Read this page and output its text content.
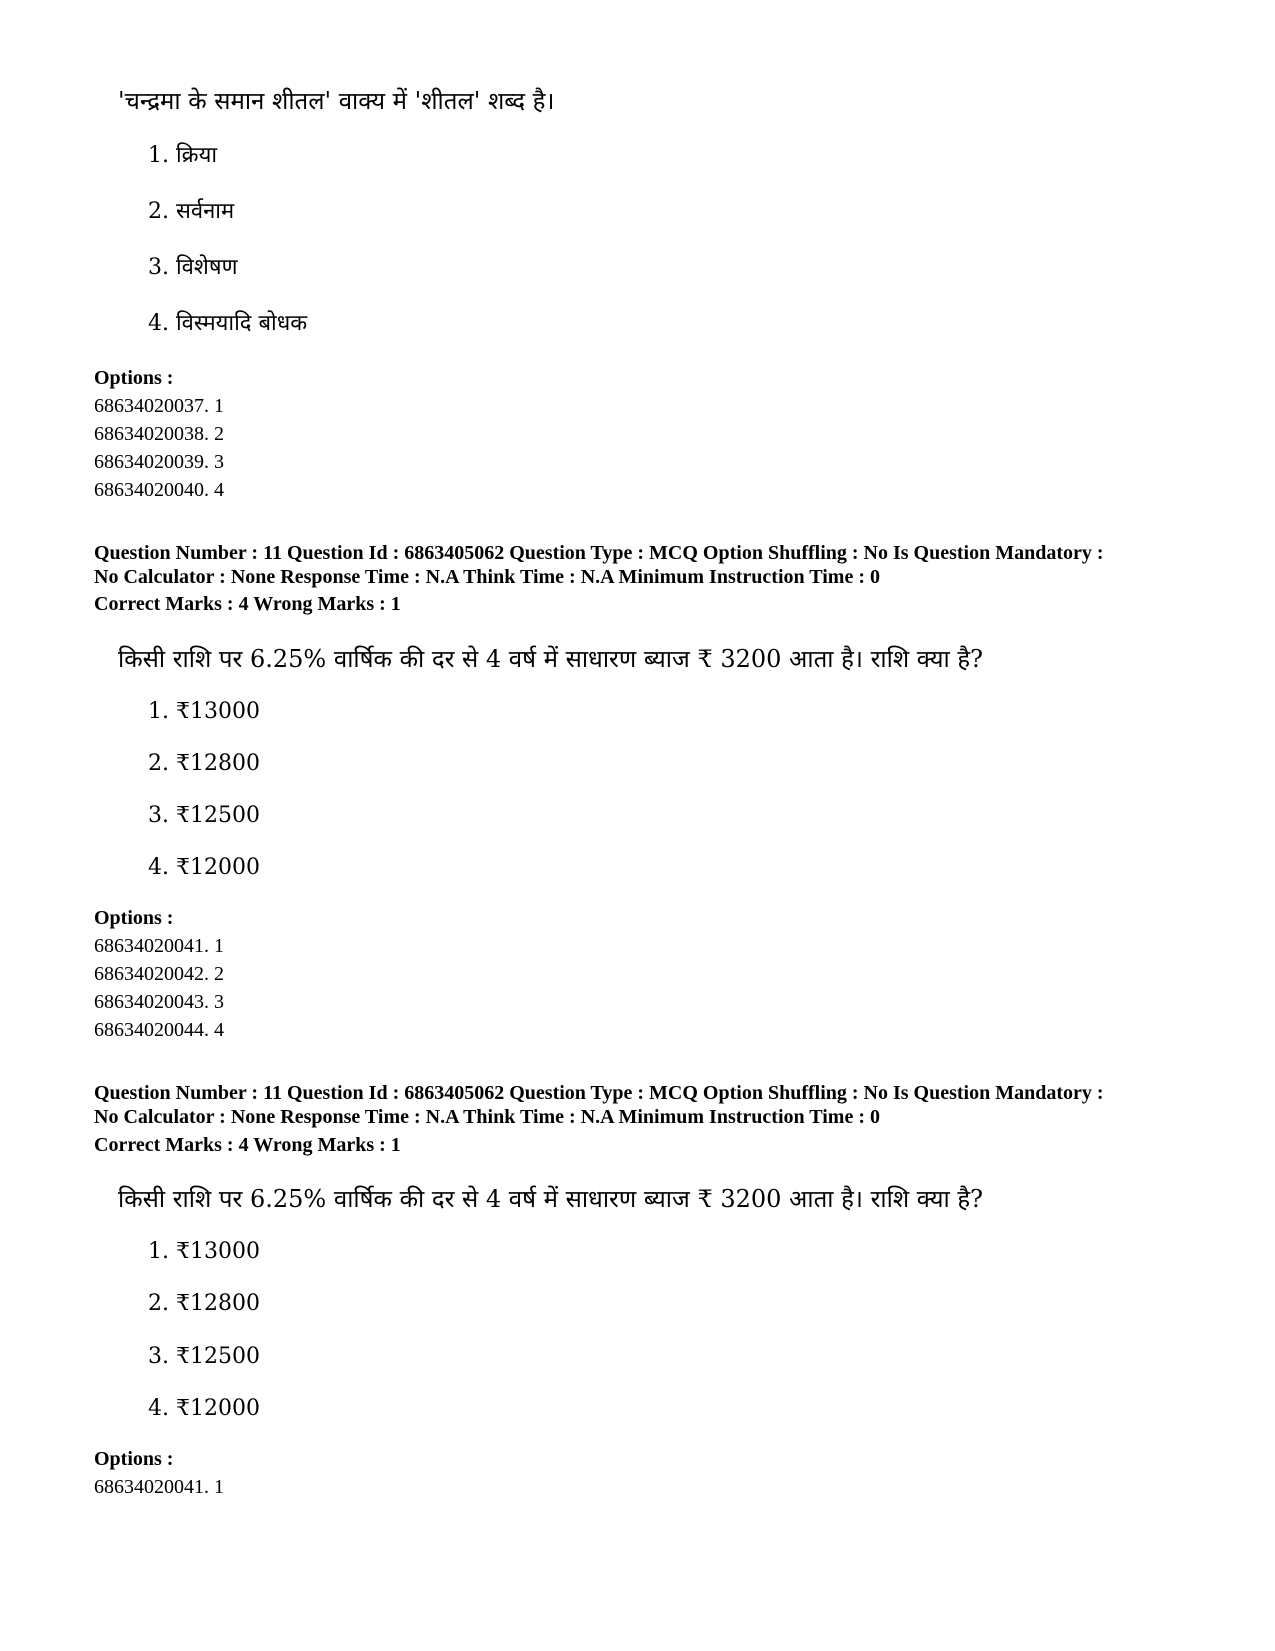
'चन्द्रमा के समान शीतल' वाक्य में 'शीतल' शब्द है।
1. क्रिया
2. सर्वनाम
3. विशेषण
4. विस्मयादि बोधक
Options :
68634020037. 1
68634020038. 2
68634020039. 3
68634020040. 4
Question Number : 11 Question Id : 6863405062 Question Type : MCQ Option Shuffling : No Is Question Mandatory :
No Calculator : None Response Time : N.A Think Time : N.A Minimum Instruction Time : 0
Correct Marks : 4 Wrong Marks : 1
किसी राशि पर 6.25% वार्षिक की दर से 4 वर्ष में साधारण ब्याज ₹ 3200 आता है। राशि क्या है?
1. ₹13000
2. ₹12800
3. ₹12500
4. ₹12000
Options :
68634020041. 1
68634020042. 2
68634020043. 3
68634020044. 4
Question Number : 11 Question Id : 6863405062 Question Type : MCQ Option Shuffling : No Is Question Mandatory :
No Calculator : None Response Time : N.A Think Time : N.A Minimum Instruction Time : 0
Correct Marks : 4 Wrong Marks : 1
किसी राशि पर 6.25% वार्षिक की दर से 4 वर्ष में साधारण ब्याज ₹ 3200 आता है। राशि क्या है?
1. ₹13000
2. ₹12800
3. ₹12500
4. ₹12000
Options :
68634020041. 1
